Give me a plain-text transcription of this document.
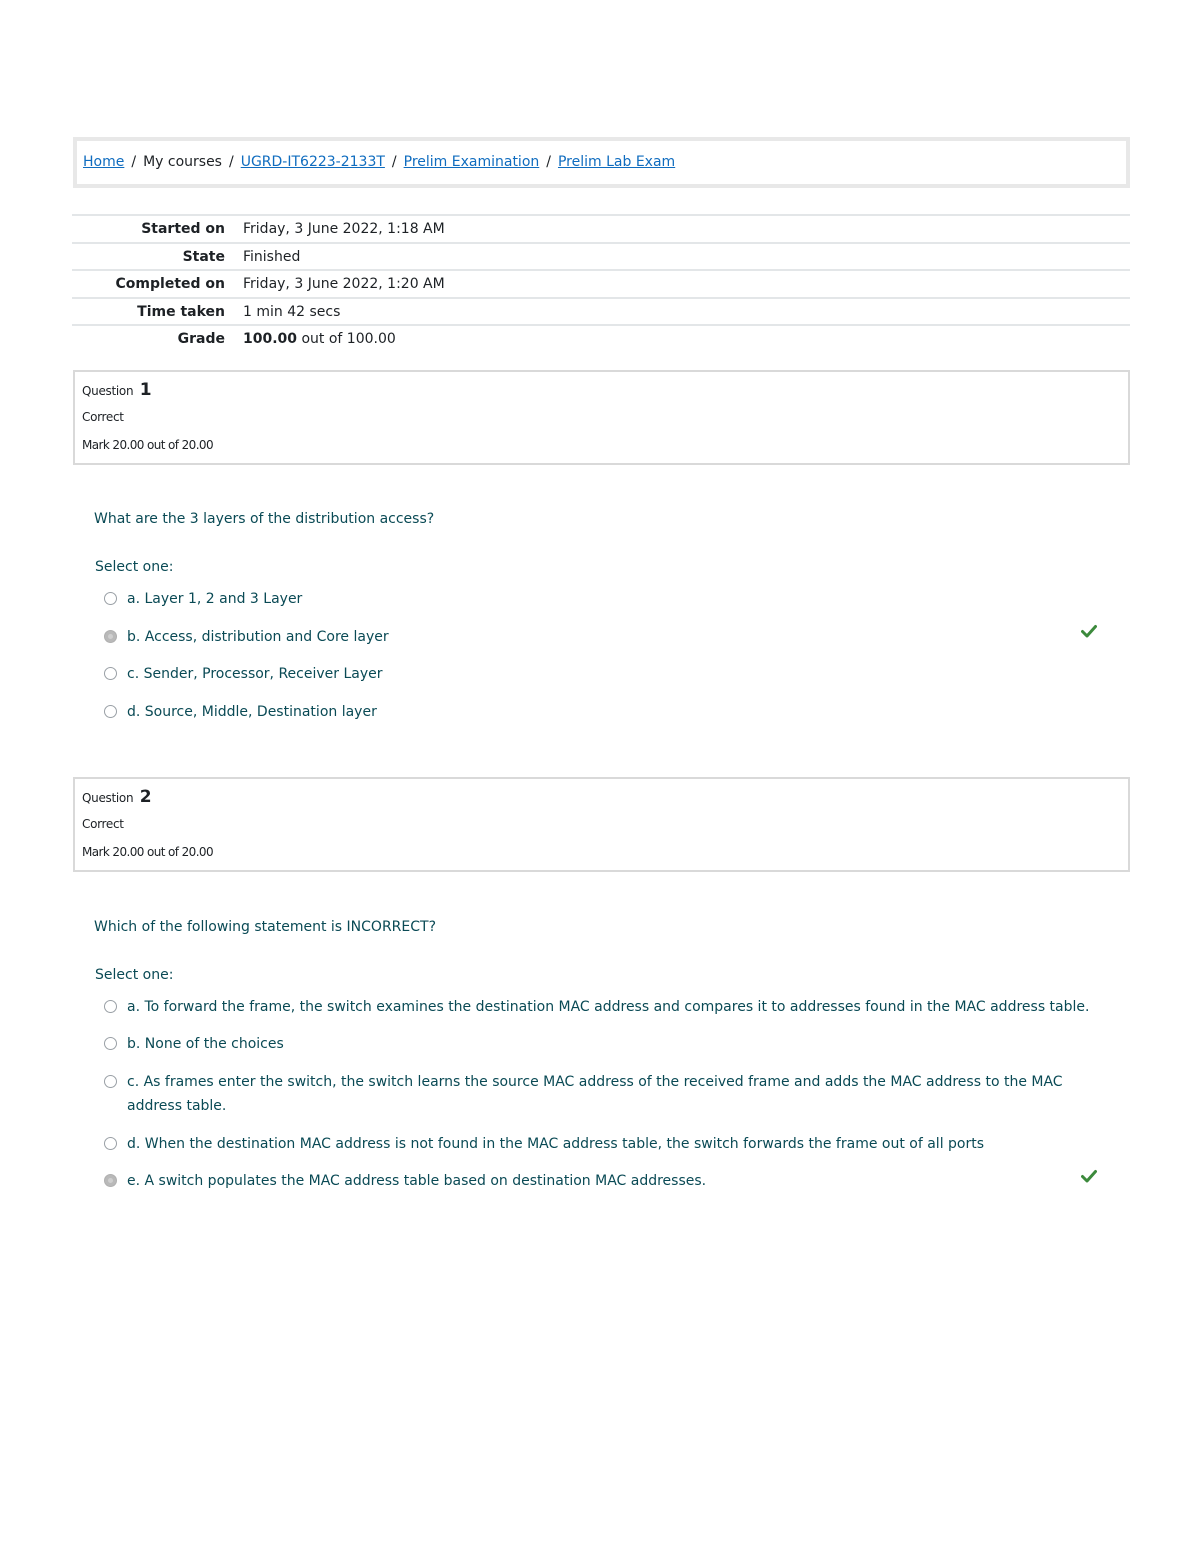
Home / My courses / UGRD-IT6223-2133T / Prelim Examination / Prelim Lab Exam
Started on Friday, 3 June 2022, 1:18 AM
State Finished
Completed on Friday, 3 June 2022, 1:20 AM
Time taken 1 min 42 secs
Grade 100.00 out of 100.00
Question 1
Correct
Mark 20.00 out of 20.00
What are the 3 layers of the distribution access?
Select one:
a. Layer 1, 2 and 3 Layer
b. Access, distribution and Core layer
c. Sender, Processor, Receiver Layer
d. Source, Middle, Destination layer
Question 2
Correct
Mark 20.00 out of 20.00
Which of the following statement is INCORRECT?
Select one:
a. To forward the frame, the switch examines the destination MAC address and compares it to addresses found in the MAC address table.
b. None of the choices
c. As frames enter the switch, the switch learns the source MAC address of the received frame and adds the MAC address to the MAC address table.
d. When the destination MAC address is not found in the MAC address table, the switch forwards the frame out of all ports
e. A switch populates the MAC address table based on destination MAC addresses.
